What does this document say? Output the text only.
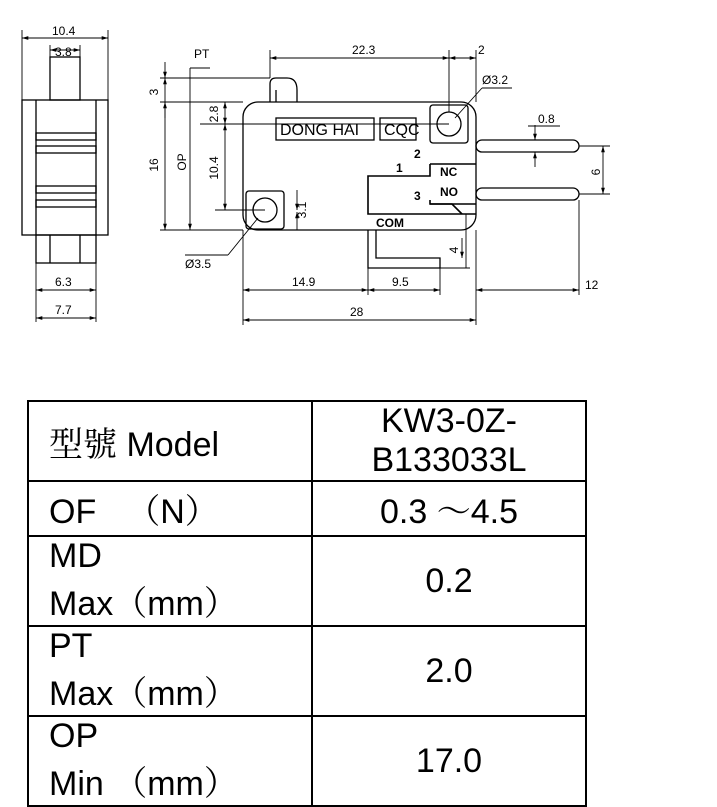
10.4
3.8
6.3
7.7
DONG HAI CQC
1
2
3
NC
NO
COM
22.3	2
Ø3.2
PT
0.8
12
14.9	9.5
28
Ø3.5
3
16 OP
2.8
10.4
3.1
6
4
型號 Model	KW3-0Z-B133033L
OF （N）	0.3 ～4.5
MDMax（mm）	0.2
PTMax（mm）	2.0
OPMin （mm）	17.0
